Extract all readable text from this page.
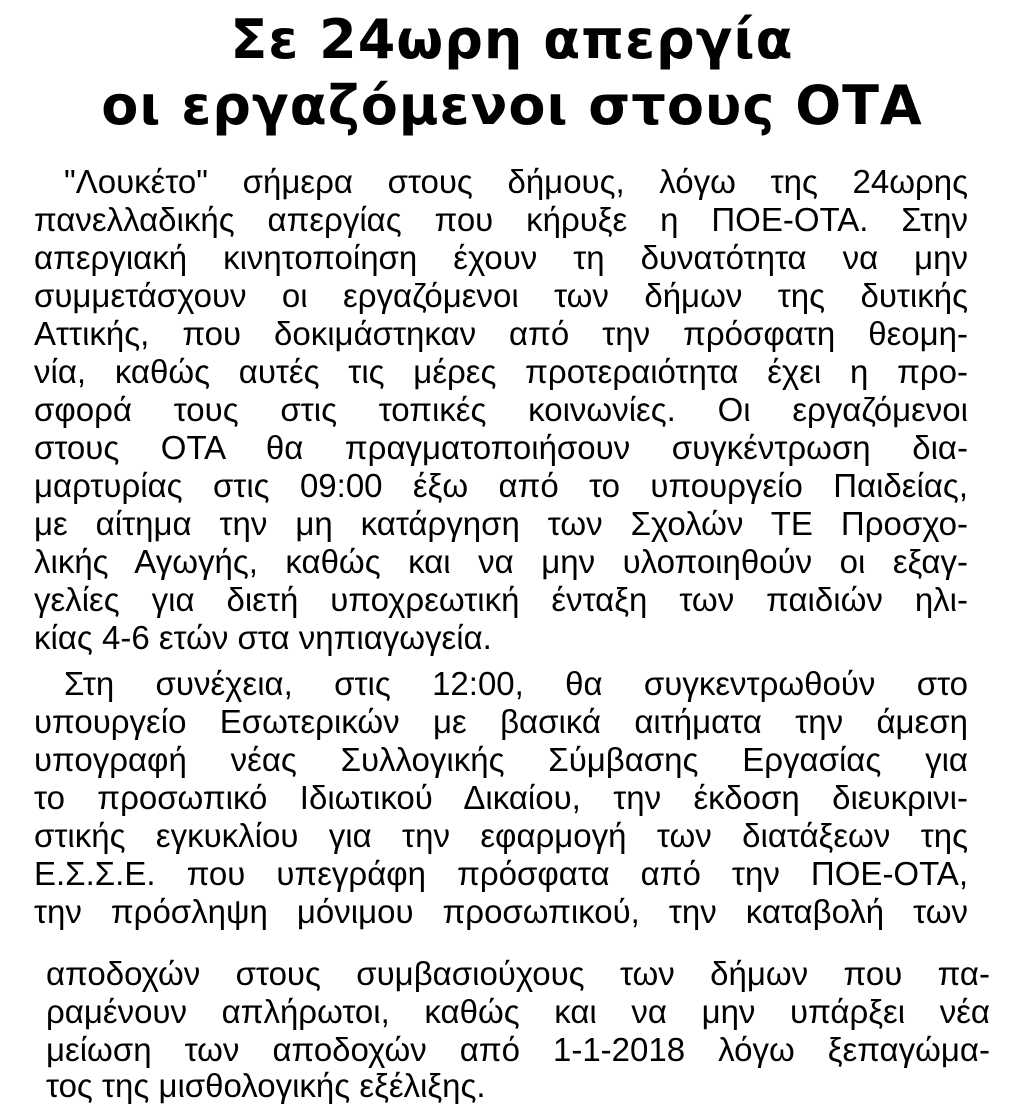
Σε 24ωρη απεργία
οι εργαζόμενοι στους ΟΤΑ
"Λουκέτο" σήμερα στους δήμους, λόγω της 24ωρης
πανελλαδικής απεργίας που κήρυξε η ΠΟΕ-ΟΤΑ. Στην
απεργιακή κινητοποίηση έχουν τη δυνατότητα να μην
συμμετάσχουν οι εργαζόμενοι των δήμων της δυτικής
Αττικής, που δοκιμάστηκαν από την πρόσφατη θεομη-
νία, καθώς αυτές τις μέρες προτεραιότητα έχει η προ-
σφορά τους στις τοπικές κοινωνίες. Οι εργαζόμενοι
στους ΟΤΑ θα πραγματοποιήσουν συγκέντρωση δια-
μαρτυρίας στις 09:00 έξω από το υπουργείο Παιδείας,
με αίτημα την μη κατάργηση των Σχολών ΤΕ Προσχο-
λικής Αγωγής, καθώς και να μην υλοποιηθούν οι εξαγ-
γελίες για διετή υποχρεωτική ένταξη των παιδιών ηλι-
κίας 4-6 ετών στα νηπιαγωγεία.
Στη συνέχεια, στις 12:00, θα συγκεντρωθούν στο
υπουργείο Εσωτερικών με βασικά αιτήματα την άμεση
υπογραφή νέας Συλλογικής Σύμβασης Εργασίας για
το προσωπικό Ιδιωτικού Δικαίου, την έκδοση διευκρινι-
στικής εγκυκλίου για την εφαρμογή των διατάξεων της
Ε.Σ.Σ.Ε. που υπεγράφη πρόσφατα από την ΠΟΕ-ΟΤΑ,
την πρόσληψη μόνιμου προσωπικού, την καταβολή των
αποδοχών στους συμβασιούχους των δήμων που πα-
ραμένουν απλήρωτοι, καθώς και να μην υπάρξει νέα
μείωση των αποδοχών από 1-1-2018 λόγω ξεπαγώμα-
τος της μισθολογικής εξέλιξης.
